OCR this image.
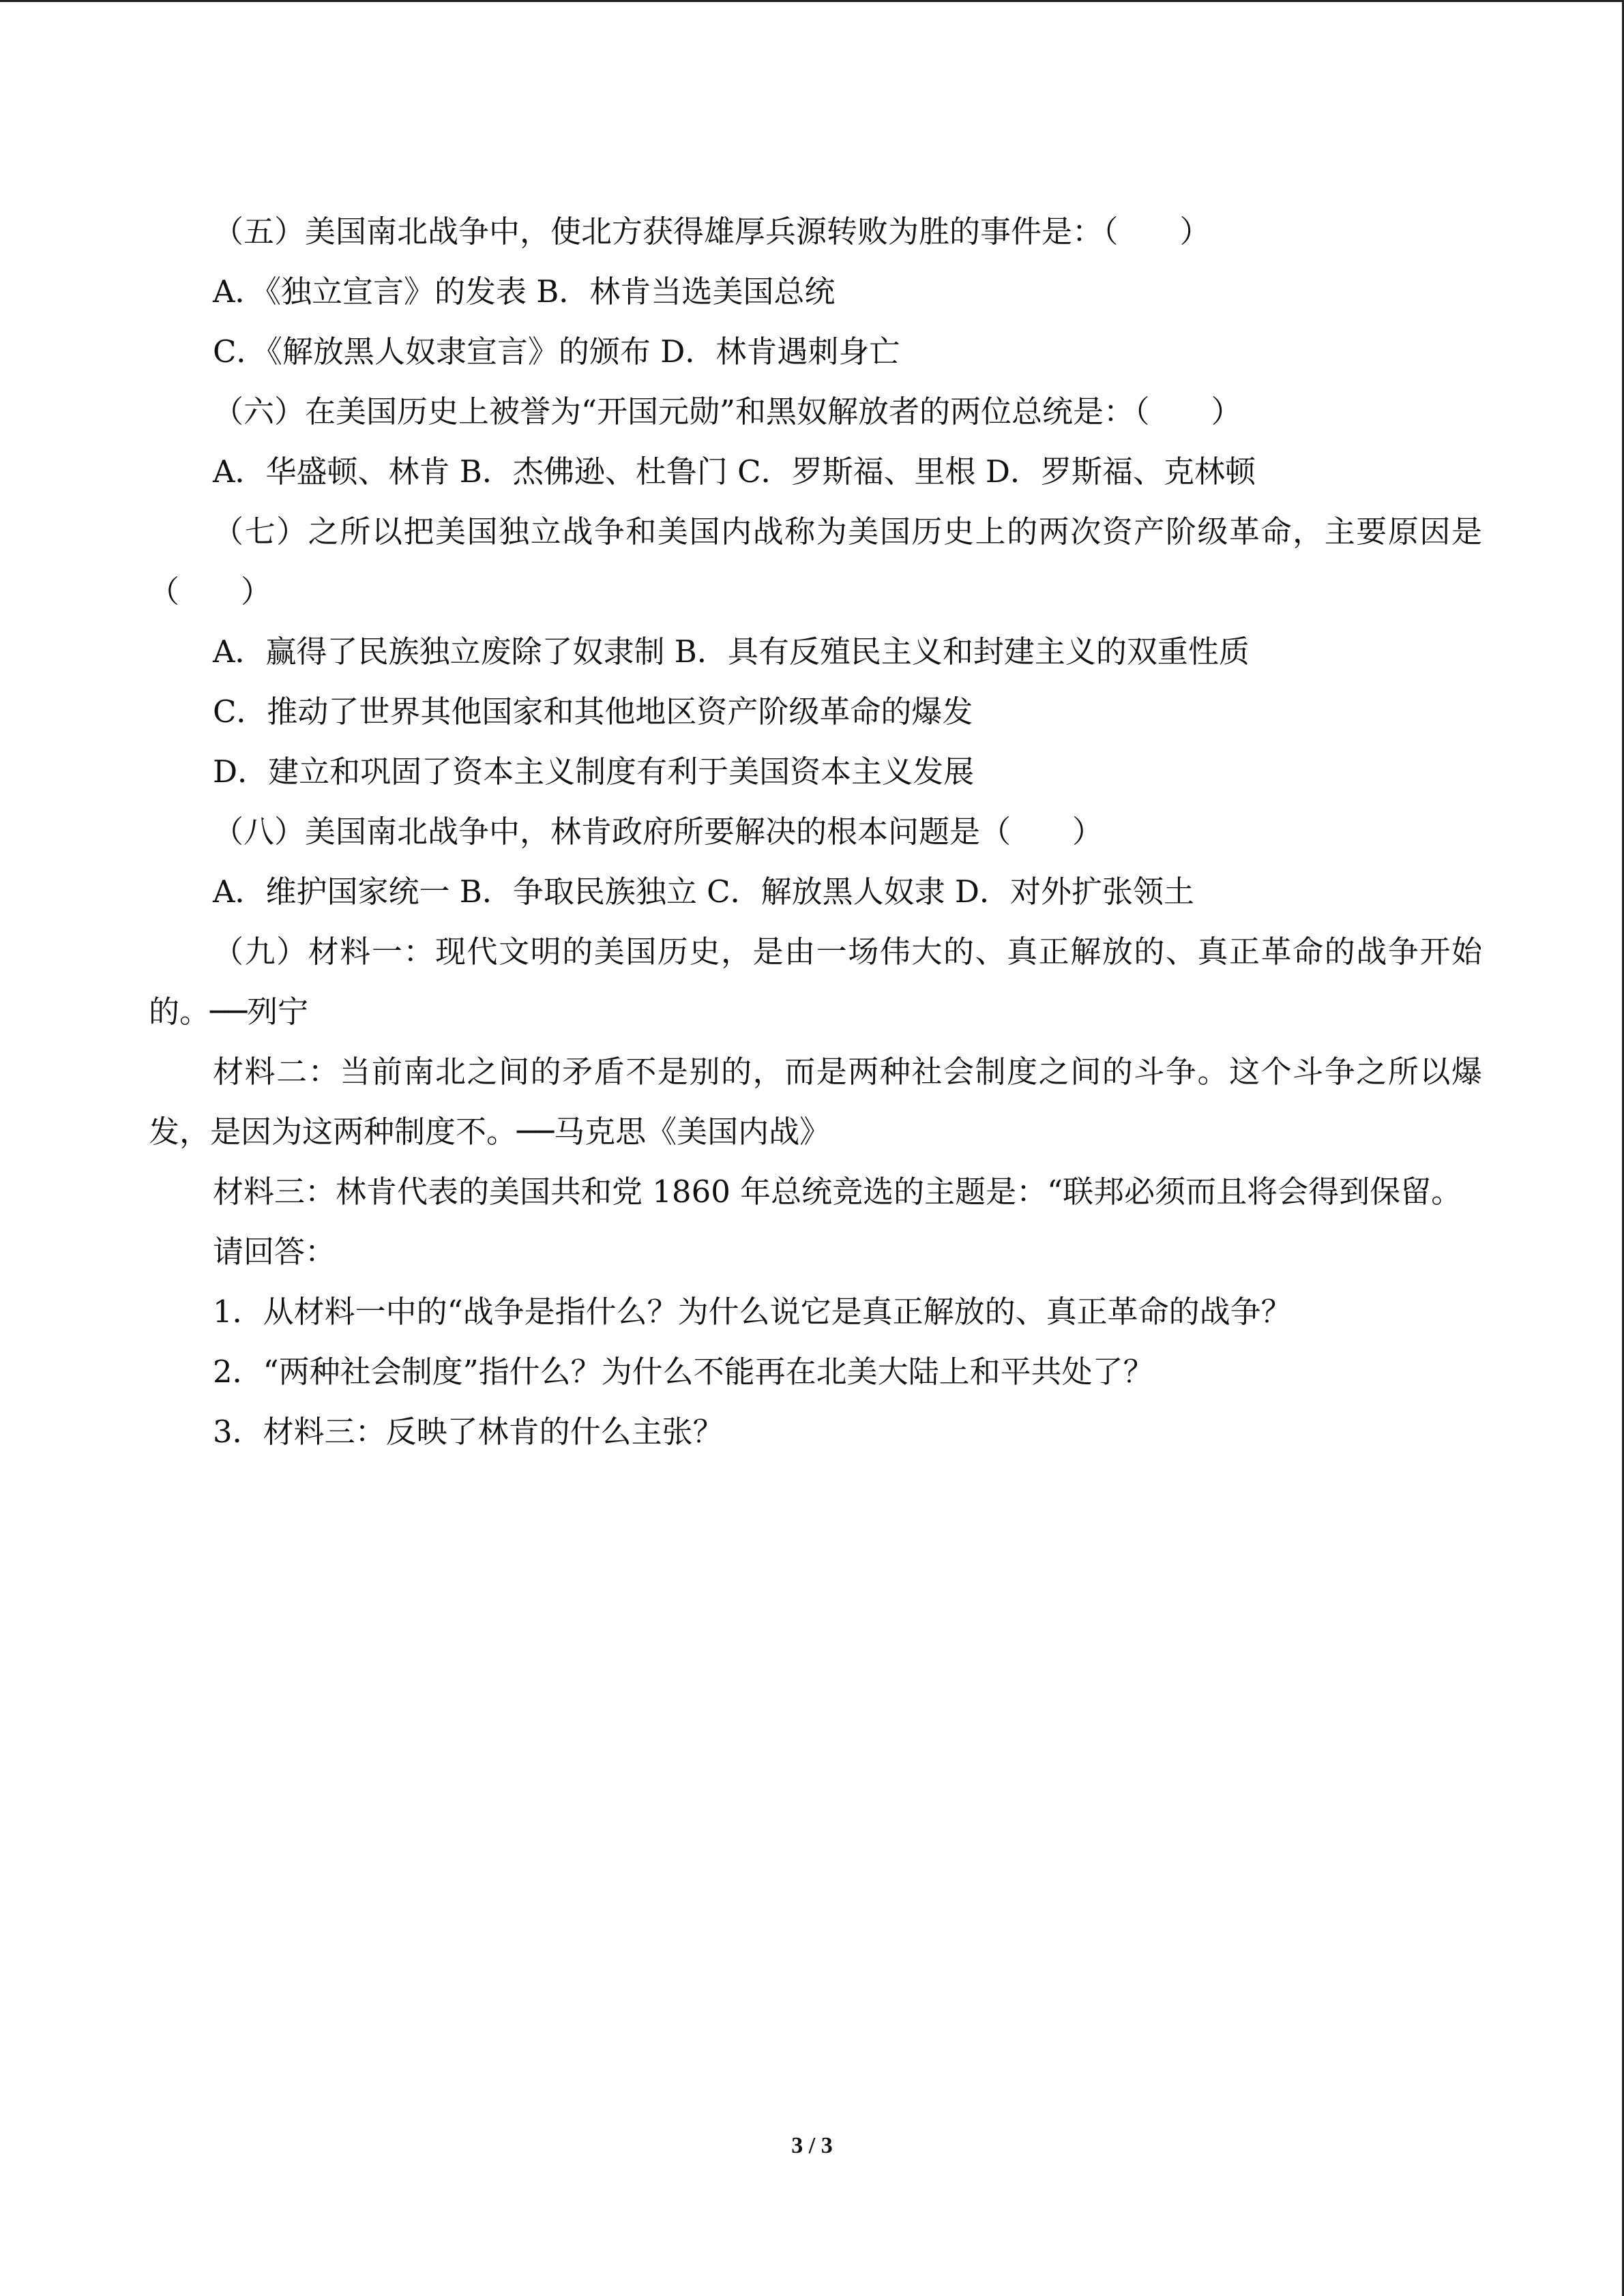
（五）美国南北战争中，使北方获得雄厚兵源转败为胜的事件是：（　　）

A．《独立宣言》的发表 B．林肯当选美国总统

C．《解放黑人奴隶宣言》的颁布 D．林肯遇刺身亡

（六）在美国历史上被誉为“开国元勋”和黑奴解放者的两位总统是：（　　）

A．华盛顿、林肯 B．杰佛逊、杜鲁门 C．罗斯福、里根 D．罗斯福、克林顿

（七）之所以把美国独立战争和美国内战称为美国历史上的两次资产阶级革命，主要原因是（　　）

A．赢得了民族独立废除了奴隶制 B．具有反殖民主义和封建主义的双重性质

C．推动了世界其他国家和其他地区资产阶级革命的爆发

D．建立和巩固了资本主义制度有利于美国资本主义发展

（八）美国南北战争中，林肯政府所要解决的根本问题是（　　）

A．维护国家统一 B．争取民族独立 C．解放黑人奴隶 D．对外扩张领土

（九）材料一：现代文明的美国历史，是由一场伟大的、真正解放的、真正革命的战争开始的。──列宁

材料二：当前南北之间的矛盾不是别的，而是两种社会制度之间的斗争。这个斗争之所以爆发，是因为这两种制度不。──马克思《美国内战》

材料三：林肯代表的美国共和党 1860 年总统竞选的主题是：“联邦必须而且将会得到保留。

请回答：

1．从材料一中的“战争是指什么？为什么说它是真正解放的、真正革命的战争？

2．“两种社会制度”指什么？为什么不能再在北美大陆上和平共处了？

3．材料三：反映了林肯的什么主张？

3 / 3
